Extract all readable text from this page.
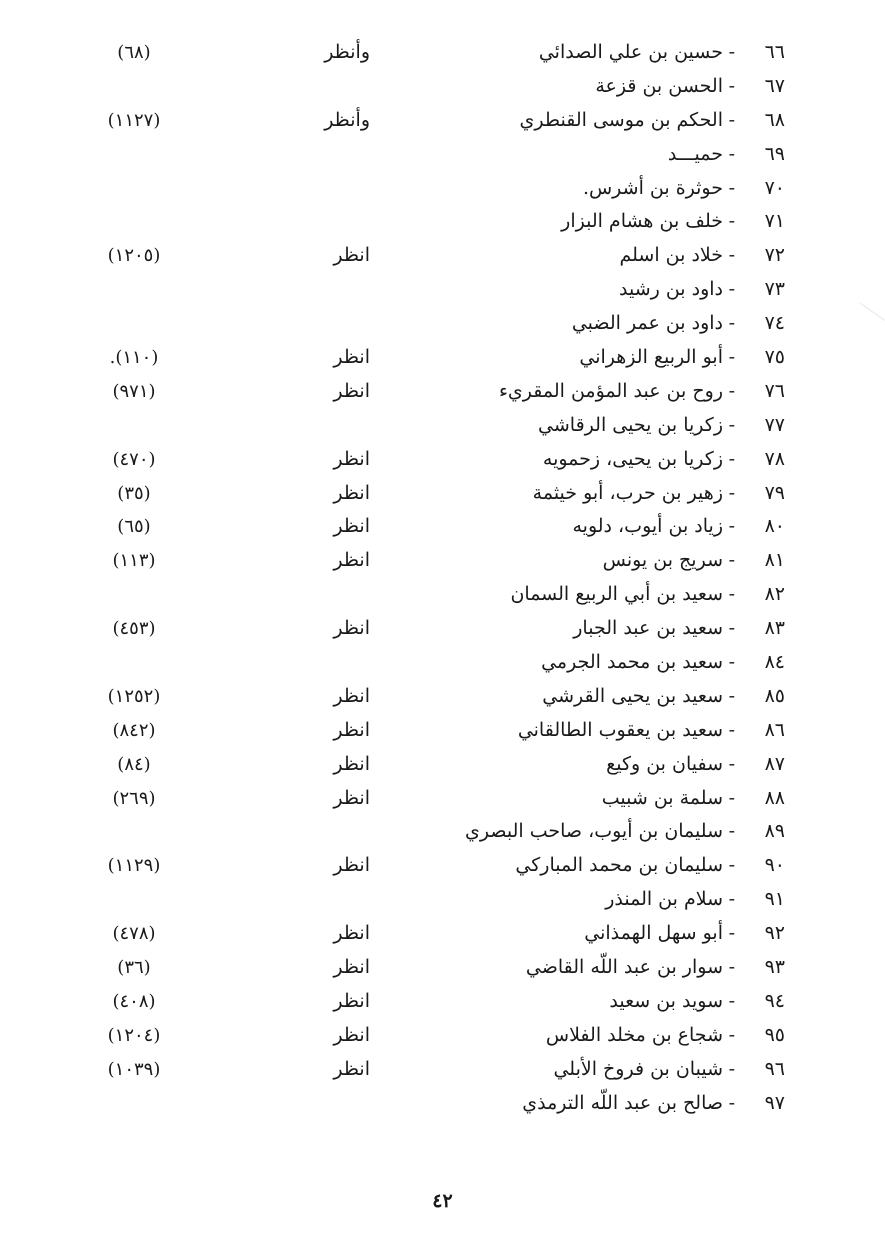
٦٦
-
حسين بن علي الصدائي
وأنظر
(٦٨)
٦٧
-
الحسن بن قزعة
٦٨
-
الحكم بن موسى القنطري
وأنظر
(١١٢٧)
٦٩
-
حميـــد
٧٠
-
حوثرة بن أشرس.
٧١
-
خلف بن هشام البزار
٧٢
-
خلاد بن اسلم
انظر
(١٢٠٥)
٧٣
-
داود بن رشيد
٧٤
-
داود بن عمر الضبي
٧٥
-
أبو الربيع الزهراني
انظر
(١١٠).
٧٦
-
روح بن عبد المؤمن المقريء
انظر
(٩٧١)
٧٧
-
زكريا بن يحيى الرقاشي
٧٨
-
زكريا بن يحيى، زحمويه
انظر
(٤٧٠)
٧٩
-
زهير بن حرب، أبو خيثمة
انظر
(٣٥)
٨٠
-
زياد بن أيوب، دلويه
انظر
(٦٥)
٨١
-
سريج بن يونس
انظر
(١١٣)
٨٢
-
سعيد بن أبي الربيع السمان
٨٣
-
سعيد بن عبد الجبار
انظر
(٤٥٣)
٨٤
-
سعيد بن محمد الجرمي
٨٥
-
سعيد بن يحيى القرشي
انظر
(١٢٥٢)
٨٦
-
سعيد بن يعقوب الطالقاني
انظر
(٨٤٢)
٨٧
-
سفيان بن وكيع
انظر
(٨٤)
٨٨
-
سلمة بن شبيب
انظر
(٢٦٩)
٨٩
-
سليمان بن أيوب، صاحب البصري
٩٠
-
سليمان بن محمد المباركي
انظر
(١١٢٩)
٩١
-
سلام بن المنذر
٩٢
-
أبو سهل الهمذاني
انظر
(٤٧٨)
٩٣
-
سوار بن عبد اللّه القاضي
انظر
(٣٦)
٩٤
-
سويد بن سعيد
انظر
(٤٠٨)
٩٥
-
شجاع بن مخلد الفلاس
انظر
(١٢٠٤)
٩٦
-
شيبان بن فروخ الأبلي
انظر
(١٠٣٩)
٩٧
-
صالح بن عبد اللّه الترمذي
٤٢
